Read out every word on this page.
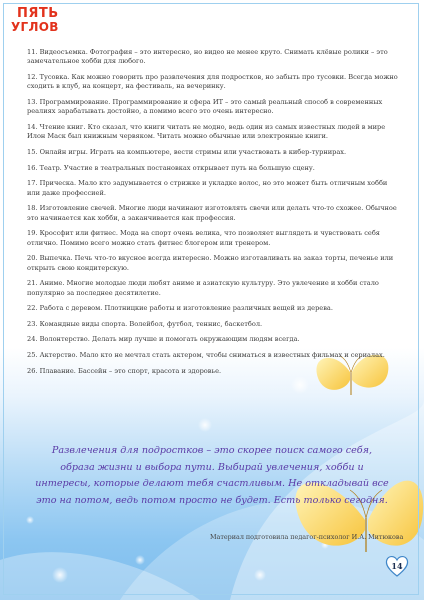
ПЯТЬ
УГЛОВ

11. Видеосъемка. Фотография – это интересно, но видео не менее круто. Снимать клёвые ролики – это замечательное хобби для любого.

12. Тусовка. Как можно говорить про развлечения для подростков, но забыть про тусовки. Всегда можно сходить в клуб, на концерт, на фестиваль, на вечеринку.

13. Программирование. Программирование и сфера ИТ – это самый реальный способ в современных реалиях зарабатывать достойно, а помимо всего это очень интересно.

14. Чтение книг. Кто сказал, что книги читать не модно, ведь один из самых известных людей в мире Илон Маск был книжным червяком. Читать можно обычные или электронные книги.

15. Онлайн игры. Играть на компьютере, вести стримы или участвовать в кибер-турнирах.

16. Театр. Участие в театральных постановках открывает путь на большую сцену.

17. Прическа. Мало кто задумывается о стрижке и укладке волос, но это может быть отличным хобби или даже профессией.

18. Изготовление свечей. Многие люди начинают изготовлять свечи или делать что-то схожее. Обычное это начинается как хобби, а заканчивается как профессия.

19. Кроссфит или фитнес. Мода на спорт очень велика, что позволяет выглядеть и чувствовать себя отлично. Помимо всего можно стать фитнес блогером или тренером.

20. Выпечка. Печь что-то вкусное всегда интересно. Можно изготавливать на заказ торты, печенье или открыть свою кондитерскую.

21. Аниме. Многие молодые люди любят аниме и азиатскую культуру. Это увлечение и хобби стало популярно за последнее десятилетие.

22. Работа с деревом. Плотницкие работы и изготовление различных вещей из дерева.

23. Командные виды спорта. Волейбол, футбол, теннис, баскетбол.

24. Волонтерство. Делать мир лучше и помогать окружающим людям всегда.

25. Актерство. Мало кто не мечтал стать актером, чтобы сниматься в известных фильмах и сериалах.

26. Плавание. Бассейн – это спорт, красота и здоровье.

Развлечения для подростков – это скорее поиск самого себя, образа жизни и выбора пути. Выбирай увлечения, хобби и интересы, которые делают тебя счастливым. Не откладывай все это на потом, ведь потом просто не будет. Есть только сегодня.
Материал подготовила педагог-психолог И.А. Митюкова
14
